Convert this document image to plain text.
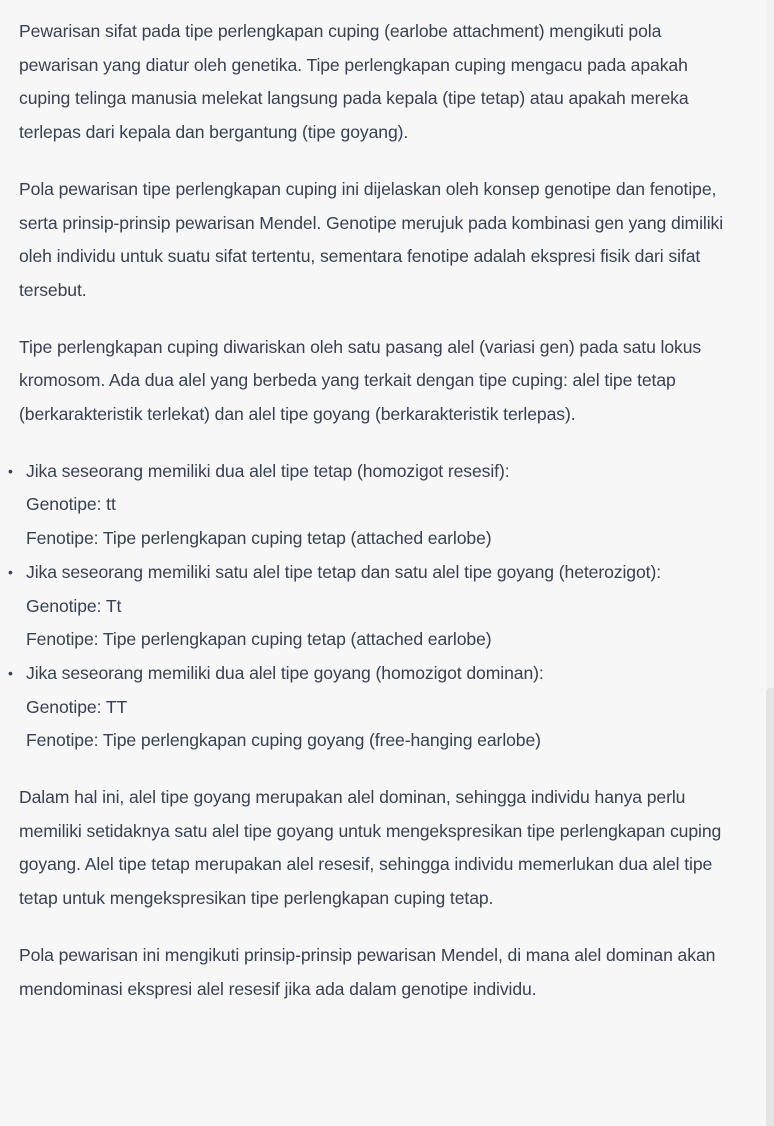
Pewarisan sifat pada tipe perlengkapan cuping (earlobe attachment) mengikuti pola pewarisan yang diatur oleh genetika. Tipe perlengkapan cuping mengacu pada apakah cuping telinga manusia melekat langsung pada kepala (tipe tetap) atau apakah mereka terlepas dari kepala dan bergantung (tipe goyang).

Pola pewarisan tipe perlengkapan cuping ini dijelaskan oleh konsep genotipe dan fenotipe, serta prinsip-prinsip pewarisan Mendel. Genotipe merujuk pada kombinasi gen yang dimiliki oleh individu untuk suatu sifat tertentu, sementara fenotipe adalah ekspresi fisik dari sifat tersebut.

Tipe perlengkapan cuping diwariskan oleh satu pasang alel (variasi gen) pada satu lokus kromosom. Ada dua alel yang berbeda yang terkait dengan tipe cuping: alel tipe tetap (berkarakteristik terlekat) dan alel tipe goyang (berkarakteristik terlepas).

• Jika seseorang memiliki dua alel tipe tetap (homozigot resesif):
Genotipe: tt
Fenotipe: Tipe perlengkapan cuping tetap (attached earlobe)
• Jika seseorang memiliki satu alel tipe tetap dan satu alel tipe goyang (heterozigot):
Genotipe: Tt
Fenotipe: Tipe perlengkapan cuping tetap (attached earlobe)
• Jika seseorang memiliki dua alel tipe goyang (homozigot dominan):
Genotipe: TT
Fenotipe: Tipe perlengkapan cuping goyang (free-hanging earlobe)

Dalam hal ini, alel tipe goyang merupakan alel dominan, sehingga individu hanya perlu memiliki setidaknya satu alel tipe goyang untuk mengekspresikan tipe perlengkapan cuping goyang. Alel tipe tetap merupakan alel resesif, sehingga individu memerlukan dua alel tipe tetap untuk mengekspresikan tipe perlengkapan cuping tetap.

Pola pewarisan ini mengikuti prinsip-prinsip pewarisan Mendel, di mana alel dominan akan mendominasi ekspresi alel resesif jika ada dalam genotipe individu.
